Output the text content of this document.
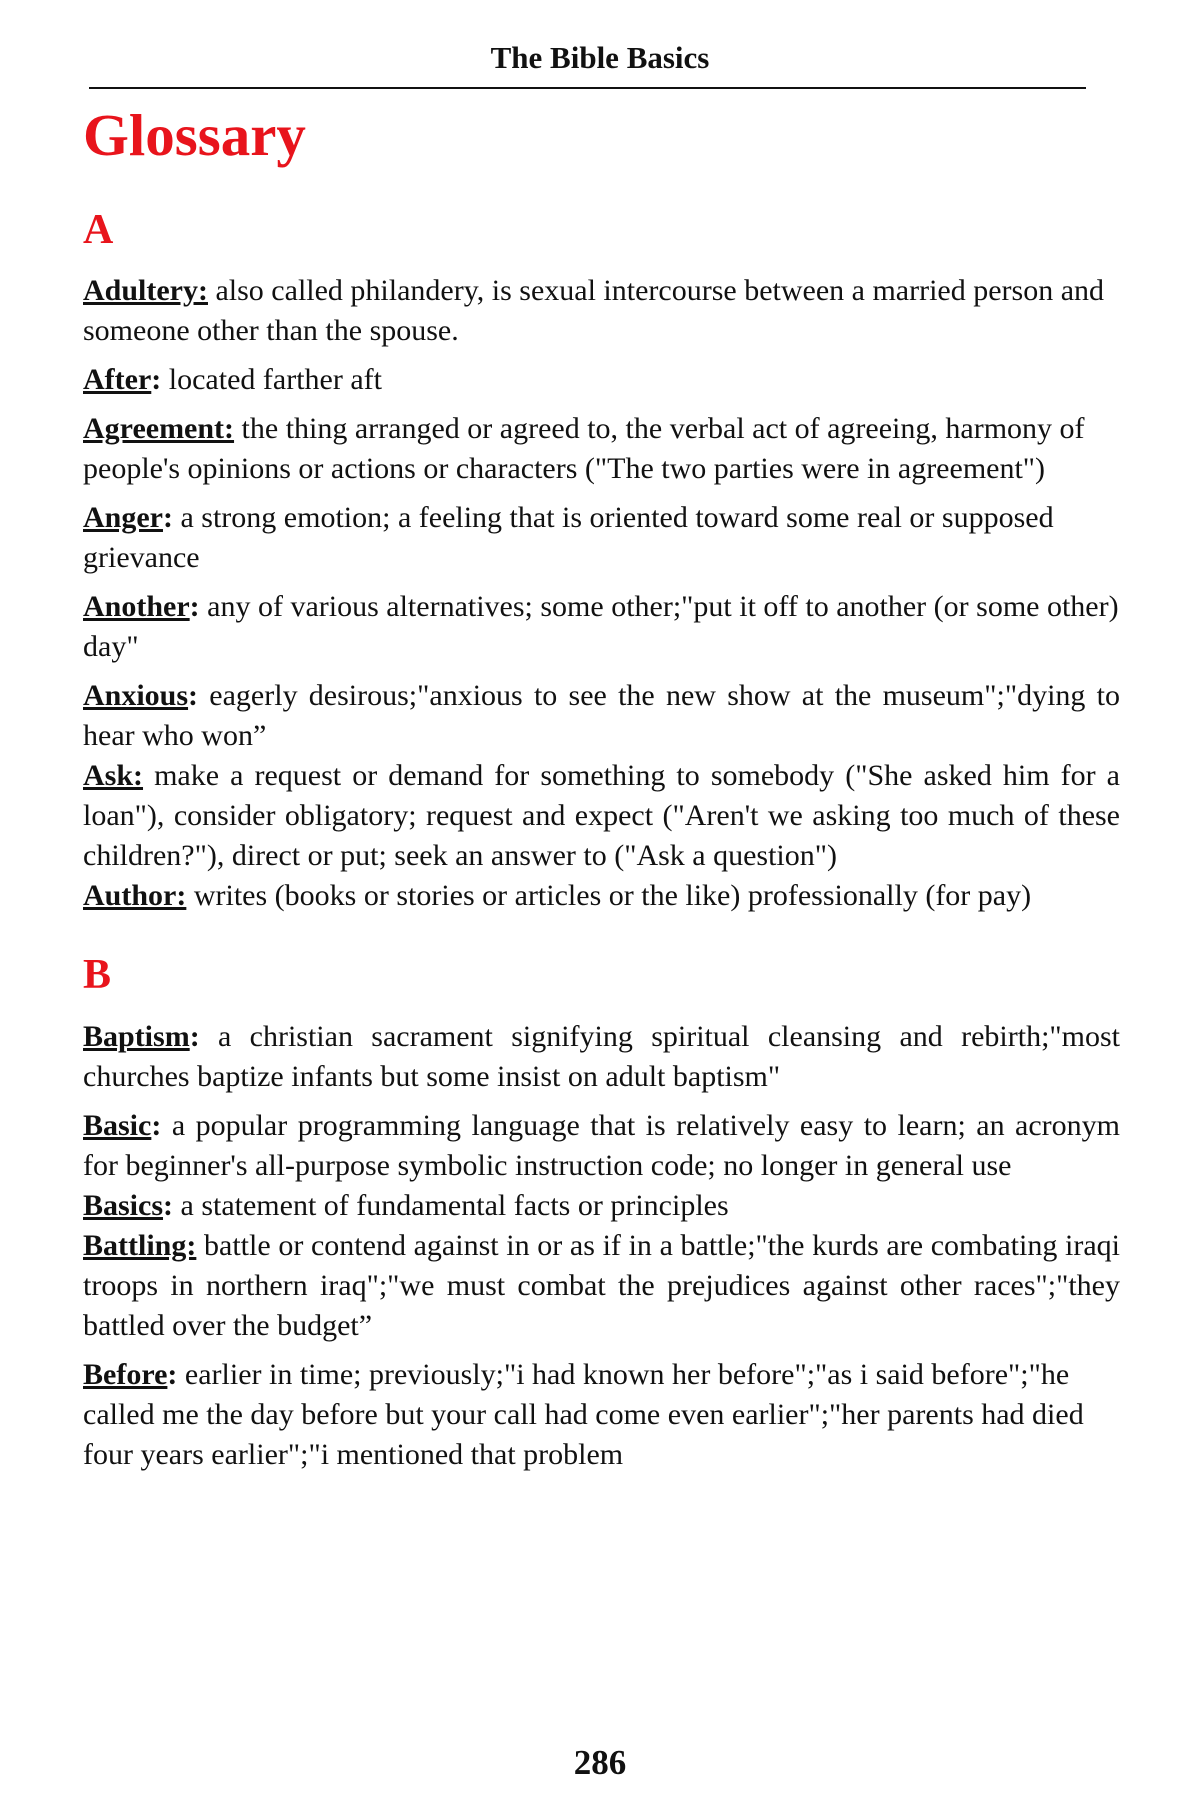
The Bible Basics
Glossary
A

Adultery: also called philandery, is sexual intercourse between a married person and someone other than the spouse.

After: located farther aft

Agreement: the thing arranged or agreed to, the verbal act of agreeing, harmony of people's opinions or actions or characters ("The two parties were in agreement")

Anger: a strong emotion; a feeling that is oriented toward some real or supposed grievance

Another: any of various alternatives; some other;"put it off to another (or some other) day"

Anxious: eagerly desirous;"anxious to see the new show at the museum";"dying to hear who won”

Ask: make a request or demand for something to somebody ("She asked him for a loan"), consider obligatory; request and expect ("Aren't we asking too much of these children?"), direct or put; seek an answer to ("Ask a question")

Author: writes (books or stories or articles or the like) professionally (for pay)

B

Baptism: a christian sacrament signifying spiritual cleansing and rebirth;"most churches baptize infants but some insist on adult baptism"

Basic: a popular programming language that is relatively easy to learn; an acronym for beginner's all-purpose symbolic instruction code; no longer in general use

Basics: a statement of fundamental facts or principles

Battling: battle or contend against in or as if in a battle;"the kurds are combating iraqi troops in northern iraq";"we must combat the prejudices against other races";"they battled over the budget”

Before: earlier in time; previously;"i had known her before";"as i said before";"he called me the day before but your call had come even earlier";"her parents had died four years earlier";"i mentioned that problem

286
